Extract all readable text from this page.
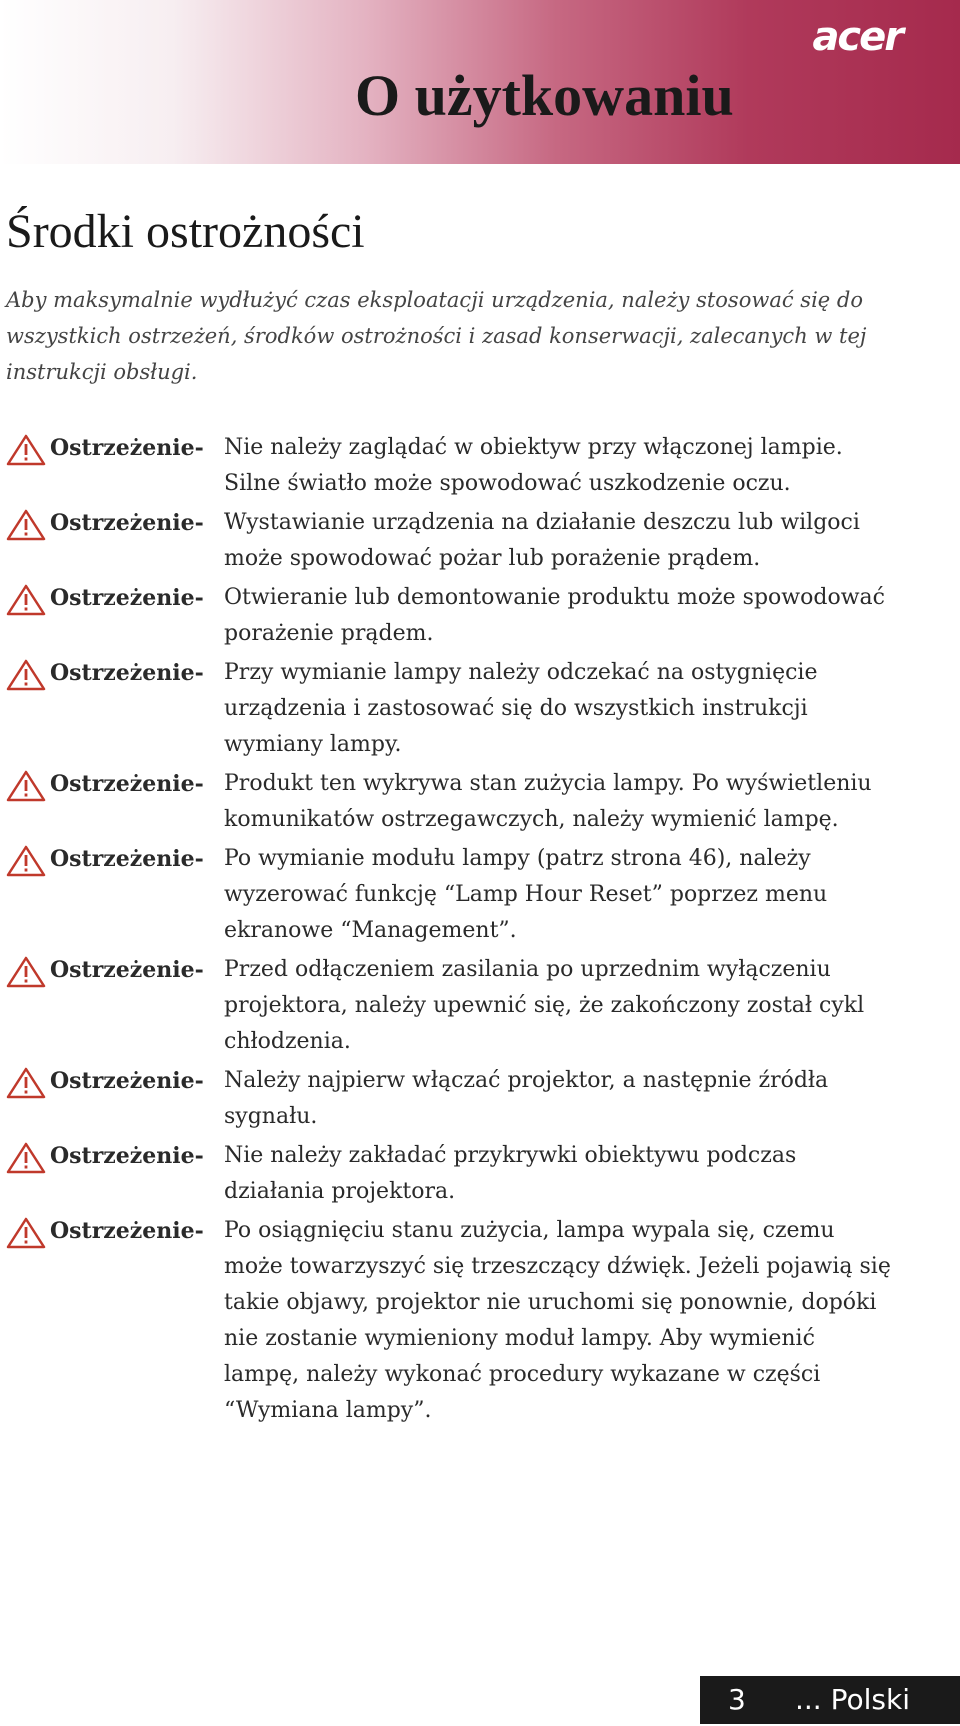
acer
O użytkowaniu
Środki ostrożności

Aby maksymalnie wydłużyć czas eksploatacji urządzenia, należy stosować się do wszystkich ostrzeżeń, środków ostrożności i zasad konserwacji, zalecanych w tej instrukcji obsługi.

Ostrzeżenie- Nie należy zaglądać w obiektyw przy włączonej lampie. Silne światło może spowodować uszkodzenie oczu.
Ostrzeżenie- Wystawianie urządzenia na działanie deszczu lub wilgoci może spowodować pożar lub porażenie prądem.
Ostrzeżenie- Otwieranie lub demontowanie produktu może spowodować porażenie prądem.
Ostrzeżenie- Przy wymianie lampy należy odczekać na ostygnięcie urządzenia i zastosować się do wszystkich instrukcji wymiany lampy.
Ostrzeżenie- Produkt ten wykrywa stan zużycia lampy. Po wyświetleniu komunikatów ostrzegawczych, należy wymienić lampę.
Ostrzeżenie- Po wymianie modułu lampy (patrz strona 46), należy wyzerować funkcję “Lamp Hour Reset” poprzez menu ekranowe “Management”.
Ostrzeżenie- Przed odłączeniem zasilania po uprzednim wyłączeniu projektora, należy upewnić się, że zakończony został cykl chłodzenia.
Ostrzeżenie- Należy najpierw włączać projektor, a następnie źródła sygnału.
Ostrzeżenie- Nie należy zakładać przykrywki obiektywu podczas działania projektora.
Ostrzeżenie- Po osiągnięciu stanu zużycia, lampa wypala się, czemu może towarzyszyć się trzeszczący dźwięk. Jeżeli pojawią się takie objawy, projektor nie uruchomi się ponownie, dopóki nie zostanie wymieniony moduł lampy. Aby wymienić lampę, należy wykonać procedury wykazane w części “Wymiana lampy”.
3 ... Polski
